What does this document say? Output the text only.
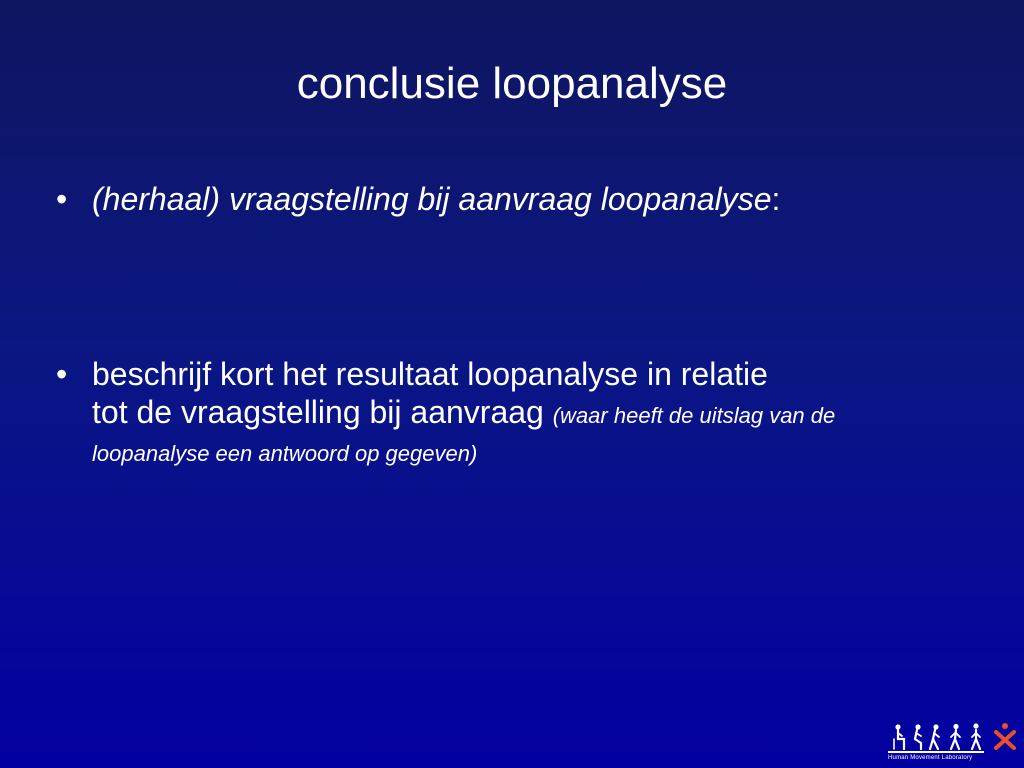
conclusie loopanalyse
• (herhaal) vraagstelling bij aanvraag loopanalyse:
• beschrijf kort het resultaat loopanalyse in relatie
tot de vraagstelling bij aanvraag (waar heeft de uitslag van de loopanalyse een antwoord op gegeven)
Human Movement Laboratory
